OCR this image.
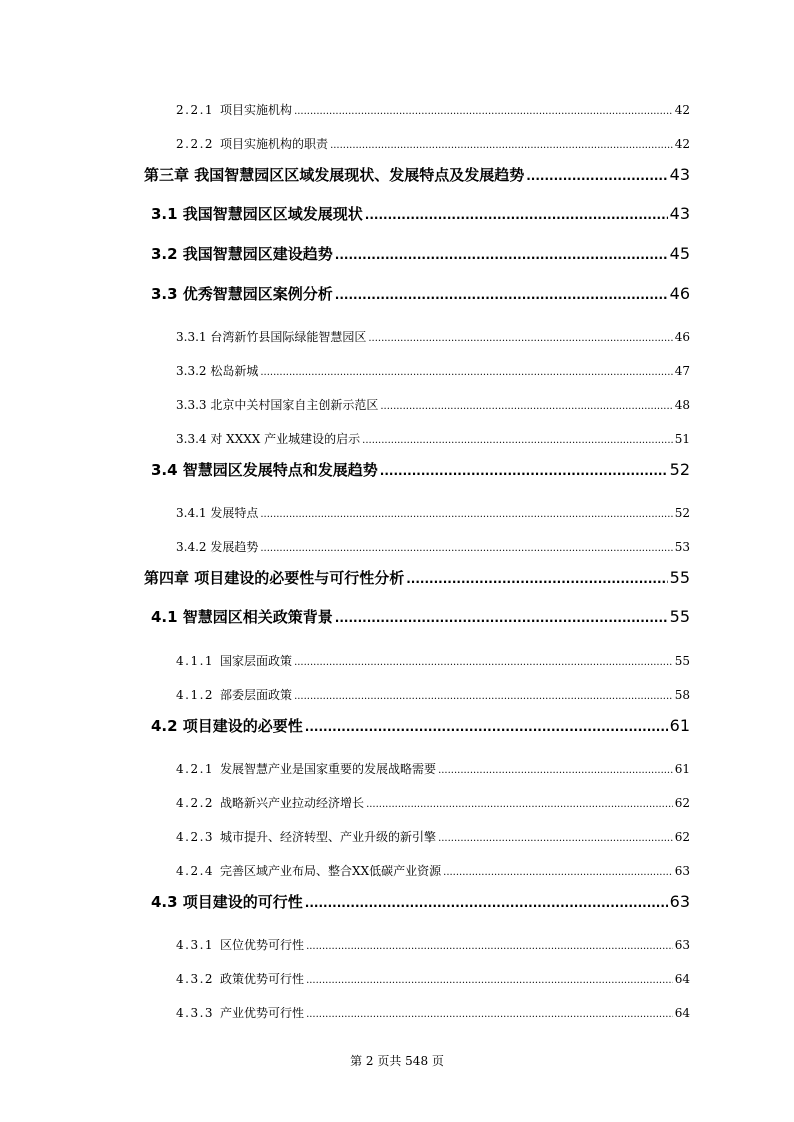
2.2.1 项目实施机构 .....	42
2.2.2 项目实施机构的职责 .....	42
第三章 我国智慧园区区域发展现状、发展特点及发展趋势 .....	43
3.1 我国智慧园区区域发展现状 .....	43
3.2 我国智慧园区建设趋势 .....	45
3.3 优秀智慧园区案例分析 .....	46
3.3.1 台湾新竹县国际绿能智慧园区 .....	46
3.3.2 松岛新城 .....	47
3.3.3 北京中关村国家自主创新示范区 .....	48
3.3.4 对 XXXX 产业城建设的启示 .....	51
3.4 智慧园区发展特点和发展趋势 .....	52
3.4.1 发展特点 .....	52
3.4.2 发展趋势 .....	53
第四章 项目建设的必要性与可行性分析 .....	55
4.1 智慧园区相关政策背景 .....	55
4.1.1 国家层面政策 .....	55
4.1.2 部委层面政策 .....	58
4.2 项目建设的必要性 .....	61
4.2.1 发展智慧产业是国家重要的发展战略需要 .....	61
4.2.2 战略新兴产业拉动经济增长 .....	62
4.2.3 城市提升、经济转型、产业升级的新引擎 .....	62
4.2.4 完善区域产业布局、整合XX低碳产业资源 .....	63
4.3 项目建设的可行性 .....	63
4.3.1 区位优势可行性 .....	63
4.3.2 政策优势可行性 .....	64
4.3.3 产业优势可行性 .....	64
第 2 页共 548 页
